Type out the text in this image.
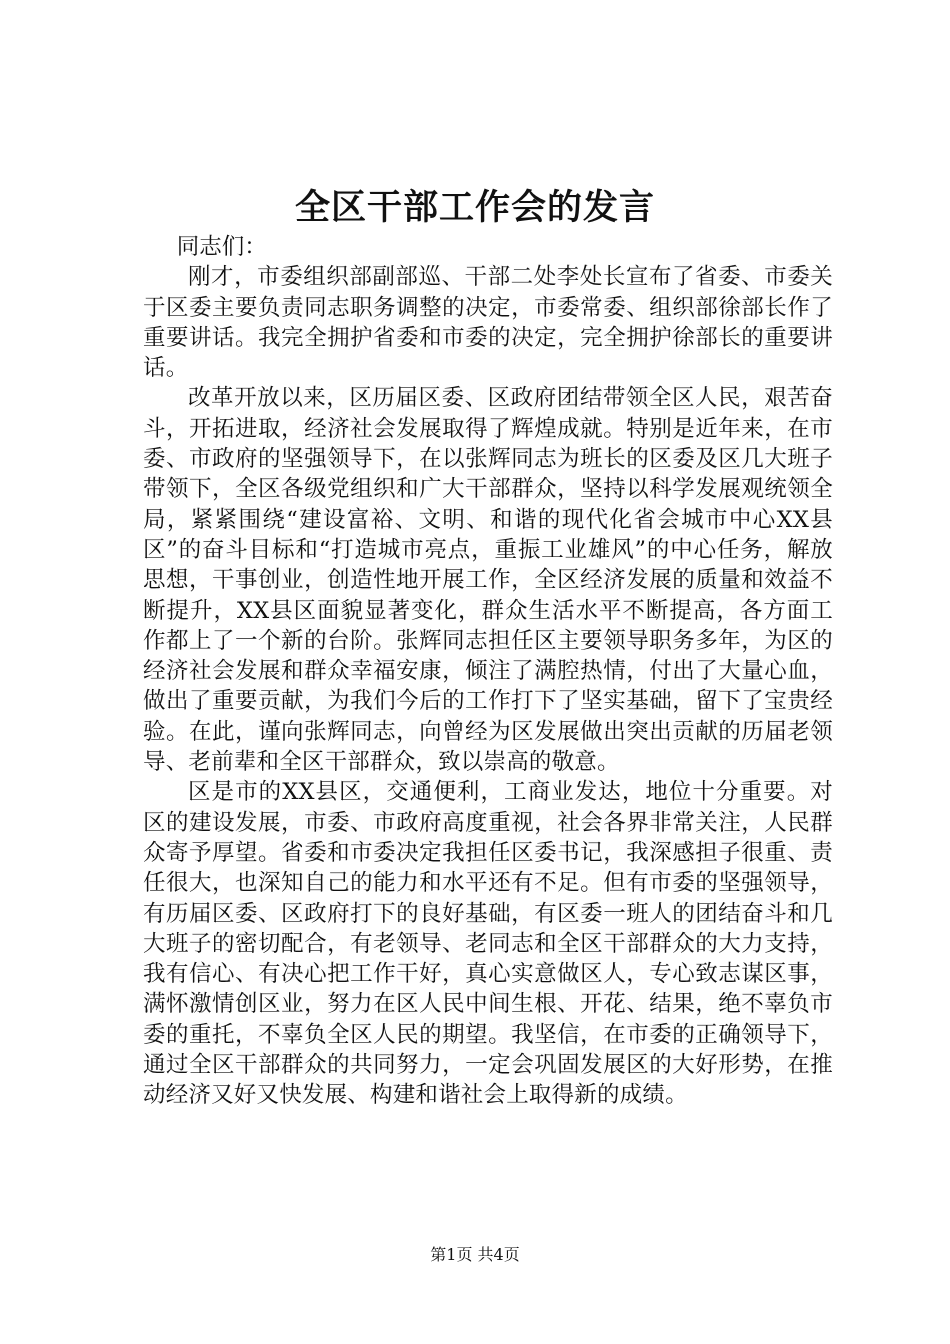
全区干部工作会的发言

同志们：

刚才，市委组织部副部巡、干部二处李处长宣布了省委、市委关于区委主要负责同志职务调整的决定，市委常委、组织部徐部长作了重要讲话。我完全拥护省委和市委的决定，完全拥护徐部长的重要讲话。

改革开放以来，区历届区委、区政府团结带领全区人民，艰苦奋斗，开拓进取，经济社会发展取得了辉煌成就。特别是近年来，在市委、市政府的坚强领导下，在以张辉同志为班长的区委及区几大班子带领下，全区各级党组织和广大干部群众，坚持以科学发展观统领全局，紧紧围绕“建设富裕、文明、和谐的现代化省会城市中心XX县区”的奋斗目标和“打造城市亮点，重振工业雄风”的中心任务，解放思想，干事创业，创造性地开展工作，全区经济发展的质量和效益不断提升，XX县区面貌显著变化，群众生活水平不断提高，各方面工作都上了一个新的台阶。张辉同志担任区主要领导职务多年，为区的经济社会发展和群众幸福安康，倾注了满腔热情，付出了大量心血，做出了重要贡献，为我们今后的工作打下了坚实基础，留下了宝贵经验。在此，谨向张辉同志，向曾经为区发展做出突出贡献的历届老领导、老前辈和全区干部群众，致以崇高的敬意。

区是市的XX县区，交通便利，工商业发达，地位十分重要。对区的建设发展，市委、市政府高度重视，社会各界非常关注，人民群众寄予厚望。省委和市委决定我担任区委书记，我深感担子很重、责任很大，也深知自己的能力和水平还有不足。但有市委的坚强领导，有历届区委、区政府打下的良好基础，有区委一班人的团结奋斗和几大班子的密切配合，有老领导、老同志和全区干部群众的大力支持，我有信心、有决心把工作干好，真心实意做区人，专心致志谋区事，满怀激情创区业，努力在区人民中间生根、开花、结果，绝不辜负市委的重托，不辜负全区人民的期望。我坚信，在市委的正确领导下，通过全区干部群众的共同努力，一定会巩固发展区的大好形势，在推动经济又好又快发展、构建和谐社会上取得新的成绩。

第1页 共4页
